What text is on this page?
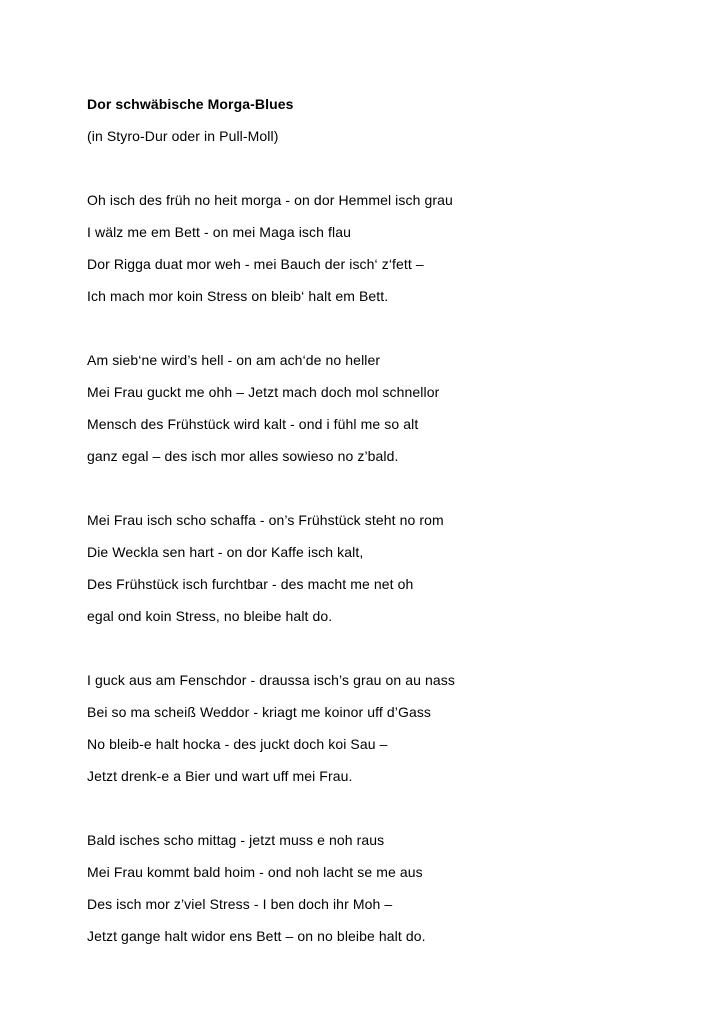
Dor schwäbische Morga-Blues
(in Styro-Dur oder in Pull-Moll)
Oh isch des früh no heit morga - on dor Hemmel isch grau
I wälz me em Bett - on mei Maga isch flau
Dor Rigga duat mor weh - mei Bauch der isch‘ z‘fett –
Ich mach mor koin Stress on bleib‘ halt em Bett.
Am sieb‘ne wird’s hell - on am ach‘de no heller
Mei Frau guckt me ohh – Jetzt mach doch mol schnellor
Mensch des Frühstück wird kalt - ond i fühl me so alt
ganz egal – des isch mor alles sowieso no z’bald.
Mei Frau isch scho schaffa - on’s Frühstück steht no rom
Die Weckla sen hart - on dor Kaffe isch kalt,
Des Frühstück isch furchtbar - des macht me net oh
egal ond koin Stress, no bleibe halt do.
I guck aus am Fenschdor - draussa isch’s grau on au nass
Bei so ma scheiß Weddor - kriagt me koinor uff d’Gass
No bleib-e halt hocka - des juckt doch koi Sau –
Jetzt drenk-e a Bier und wart uff mei Frau.
Bald isches scho mittag - jetzt muss e noh raus
Mei Frau kommt bald hoim - ond noh lacht se me aus
Des isch mor z’viel Stress - I ben doch ihr Moh –
Jetzt gange halt widor ens Bett – on no bleibe halt do.
